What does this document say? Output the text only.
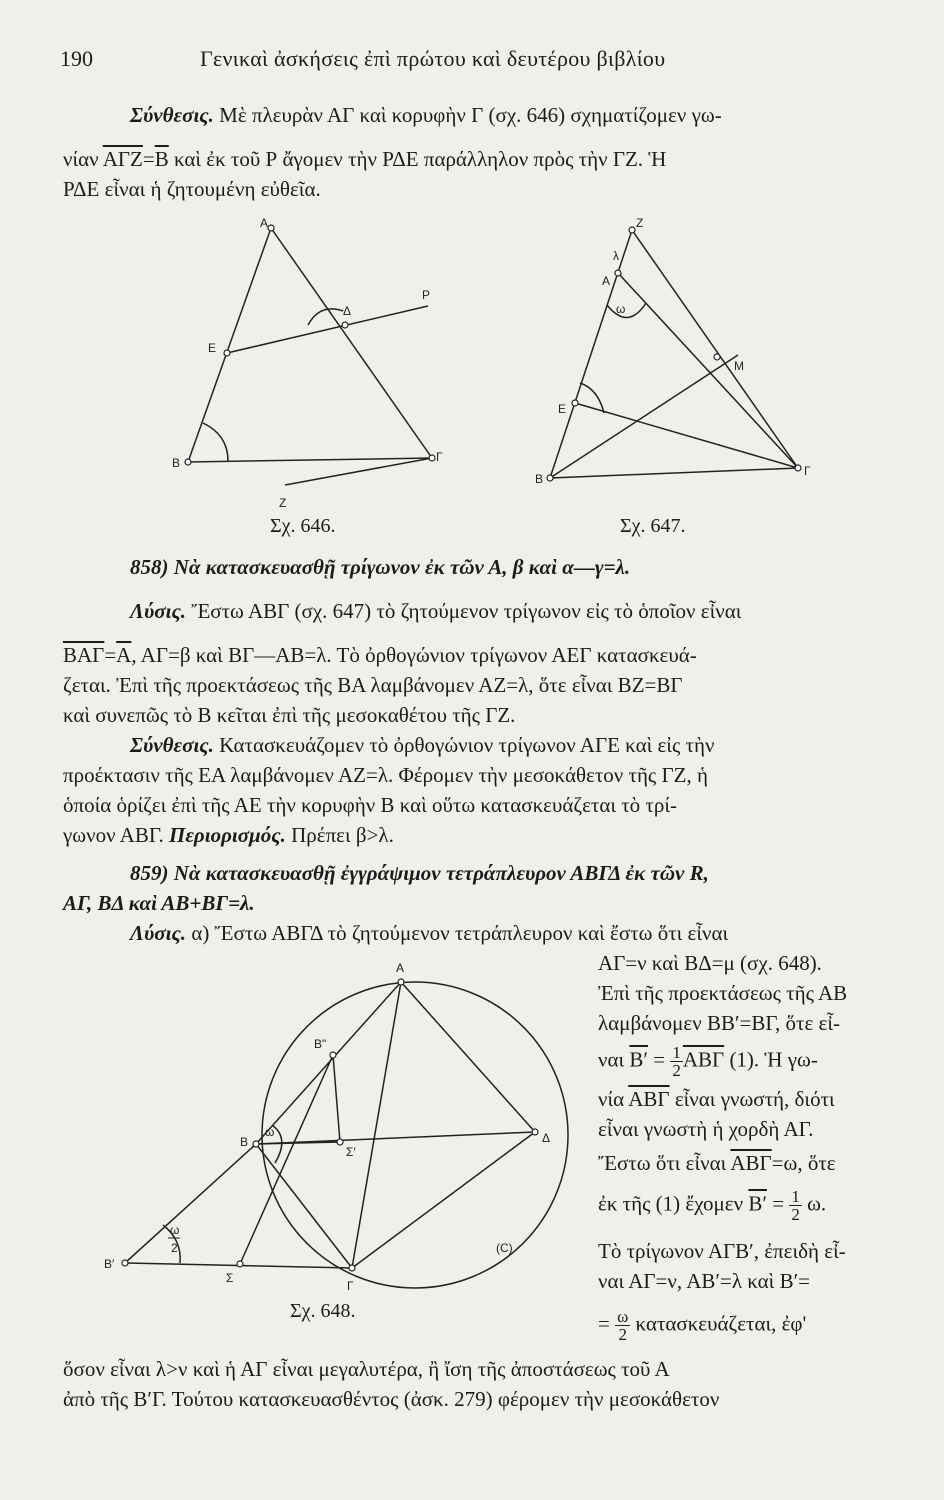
190	Γενικαὶ ἀσκήσεις ἐπὶ πρώτου καὶ δευτέρου βιβλίου
Σύνθεσις. Μὲ πλευρὰν ΑΓ καὶ κορυφὴν Γ (σχ. 646) σχηματίζομεν γω-
νίαν $\overline{A\Gamma Z}=\overline{B}$ καὶ ἐκ τοῦ Ρ ἄγομεν τὴν ΡΔΕ παράλληλον πρὸς τὴν ΓΖ. Ἡ
ΡΔΕ εἶναι ἡ ζητουμένη εὐθεῖα.
A
Δ
P
E
B	Γ
Z
Σχ. 646.
Z
λ
A
ω
M
E
B
Γ
Σχ. 647.
858) Νὰ κατασκευασθῇ τρίγωνον ἐκ τῶν Α, β καὶ α—γ=λ.
Λύσις. Ἔστω ΑΒΓ (σχ. 647) τὸ ζητούμενον τρίγωνον εἰς τὸ ὁποῖον εἶναι
$\overline{BA\Gamma}=\overline{A}$, ΑΓ=β καὶ ΒΓ—ΑΒ=λ. Τὸ ὀρθογώνιον τρίγωνον ΑΕΓ κατασκευά-
ζεται. Ἐπὶ τῆς προεκτάσεως τῆς ΒΑ λαμβάνομεν ΑΖ=λ, ὅτε εἶναι ΒΖ=ΒΓ
καὶ συνεπῶς τὸ Β κεῖται ἐπὶ τῆς μεσοκαθέτου τῆς ΓΖ.
Σύνθεσις. Κατασκευάζομεν τὸ ὀρθογώνιον τρίγωνον ΑΓΕ καὶ εἰς τὴν
προέκτασιν τῆς ΕΑ λαμβάνομεν ΑΖ=λ. Φέρομεν τὴν μεσοκάθετον τῆς ΓΖ, ἡ
ὁποία ὁρίζει ἐπὶ τῆς ΑΕ τὴν κορυφὴν Β καὶ οὕτω κατασκευάζεται τὸ τρί-
γωνον ΑΒΓ. Περιορισμός. Πρέπει β>λ.
859) Νὰ κατασκευασθῇ ἐγγράψιμον τετράπλευρον ΑΒΓΔ ἐκ τῶν R,
ΑΓ, ΒΔ καὶ ΑΒ+ΒΓ=λ.
Λύσις. α) Ἔστω ΑΒΓΔ τὸ ζητούμενον τετράπλευρον καὶ ἔστω ὅτι εἶναι
ΑΓ=ν καὶ ΒΔ=μ (σχ. 648).
Ἐπὶ τῆς προεκτάσεως τῆς ΑΒ
λαμβάνομεν ΒΒ′=ΒΓ, ὅτε εἶ-
ναι $B' = \frac{1}{2} \overline{AB\Gamma}$ (1). Ἡ γω-
νία $\overline{AB\Gamma}$ εἶναι γνωστή, διότι
εἶναι γνωστὴ ἡ χορδὴ ΑΓ.
Ἔστω ὅτι εἶναι $\overline{AB\Gamma}=\omega$, ὅτε
ἐκ τῆς (1) ἔχομεν $B' = \frac{1}{2} \omega$.
Τὸ τρίγωνον ΑΓΒ′, ἐπειδὴ εἶ-
ναι ΑΓ=ν, ΑΒ′=λ καὶ Β′=
= $\frac{\omega}{2} \kappa\alpha\tau\alpha\sigma\kappa\varepsilon\upsilon ά\zeta\varepsilon\tau\alpha\iota$, ἐφ'
A
B"
B
ω
Σ′
Δ
ω
2	(C)
B′
Σ
Γ
Σχ. 648.
ὅσον εἶναι λ>ν καὶ ἡ ΑΓ εἶναι μεγαλυτέρα, ἢ ἴση τῆς ἀποστάσεως τοῦ Α
ἀπὸ τῆς Β′Γ. Τούτου κατασκευασθέντος (ἀσκ. 279) φέρομεν τὴν μεσοκάθετον
